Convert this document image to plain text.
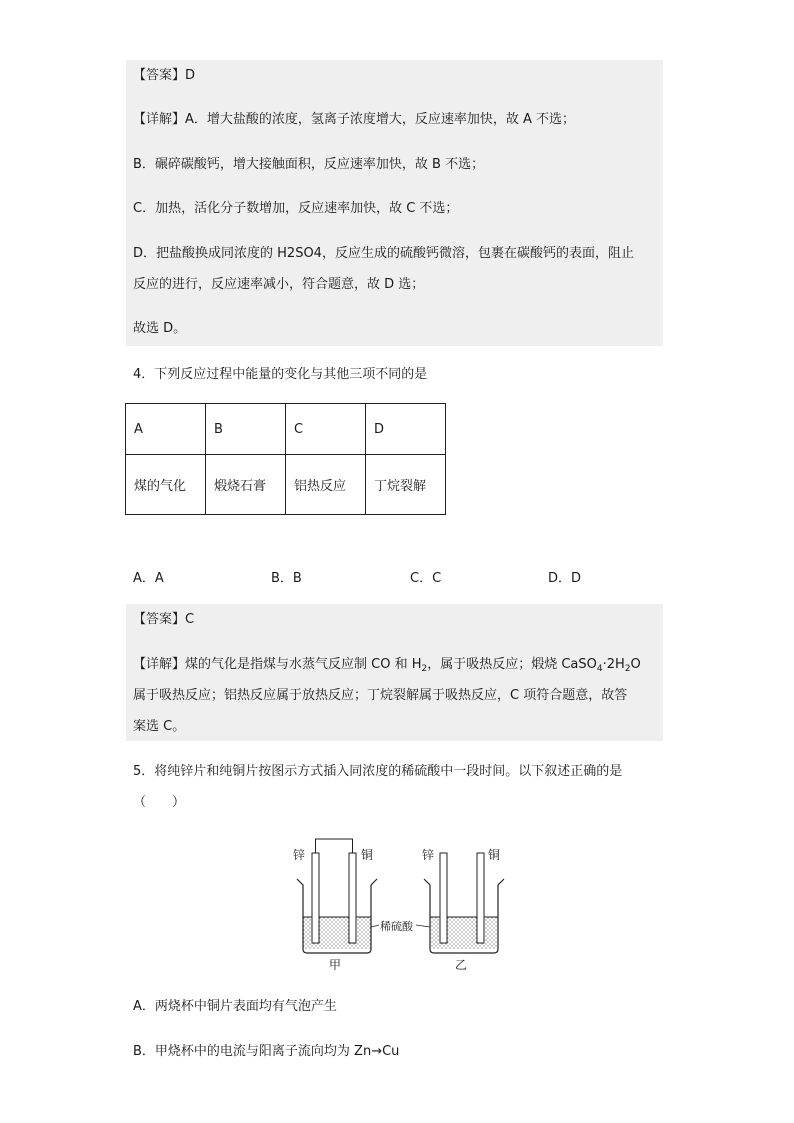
【答案】D
【详解】A．增大盐酸的浓度，氢离子浓度增大，反应速率加快，故 A 不选；
B．碾碎碳酸钙，增大接触面积，反应速率加快，故 B 不选；
C．加热，活化分子数增加，反应速率加快，故 C 不选；
D．把盐酸换成同浓度的 H2SO4，反应生成的硫酸钙微溶，包裹在碳酸钙的表面，阻止
反应的进行，反应速率减小，符合题意，故 D 选；
故选 D。
4．下列反应过程中能量的变化与其他三项不同的是
A	B	C	D
煤的气化	煅烧石膏	铝热反应	丁烷裂解
A．A	B．B	C．C	D．D
【答案】C
【详解】煤的气化是指煤与水蒸气反应制 CO 和 $H_2$，属于吸热反应；煅烧 $CaSO_4\cdot 2H_2O$
属于吸热反应；铝热反应属于放热反应；丁烷裂解属于吸热反应，C 项符合题意，故答
案选 C。
5．将纯锌片和纯铜片按图示方式插入同浓度的稀硫酸中一段时间。以下叙述正确的是
（　　）
锌	铜
甲
稀硫酸
锌	铜
乙
A．两烧杯中铜片表面均有气泡产生
B．甲烧杯中的电流与阳离子流向均为 Zn→Cu
